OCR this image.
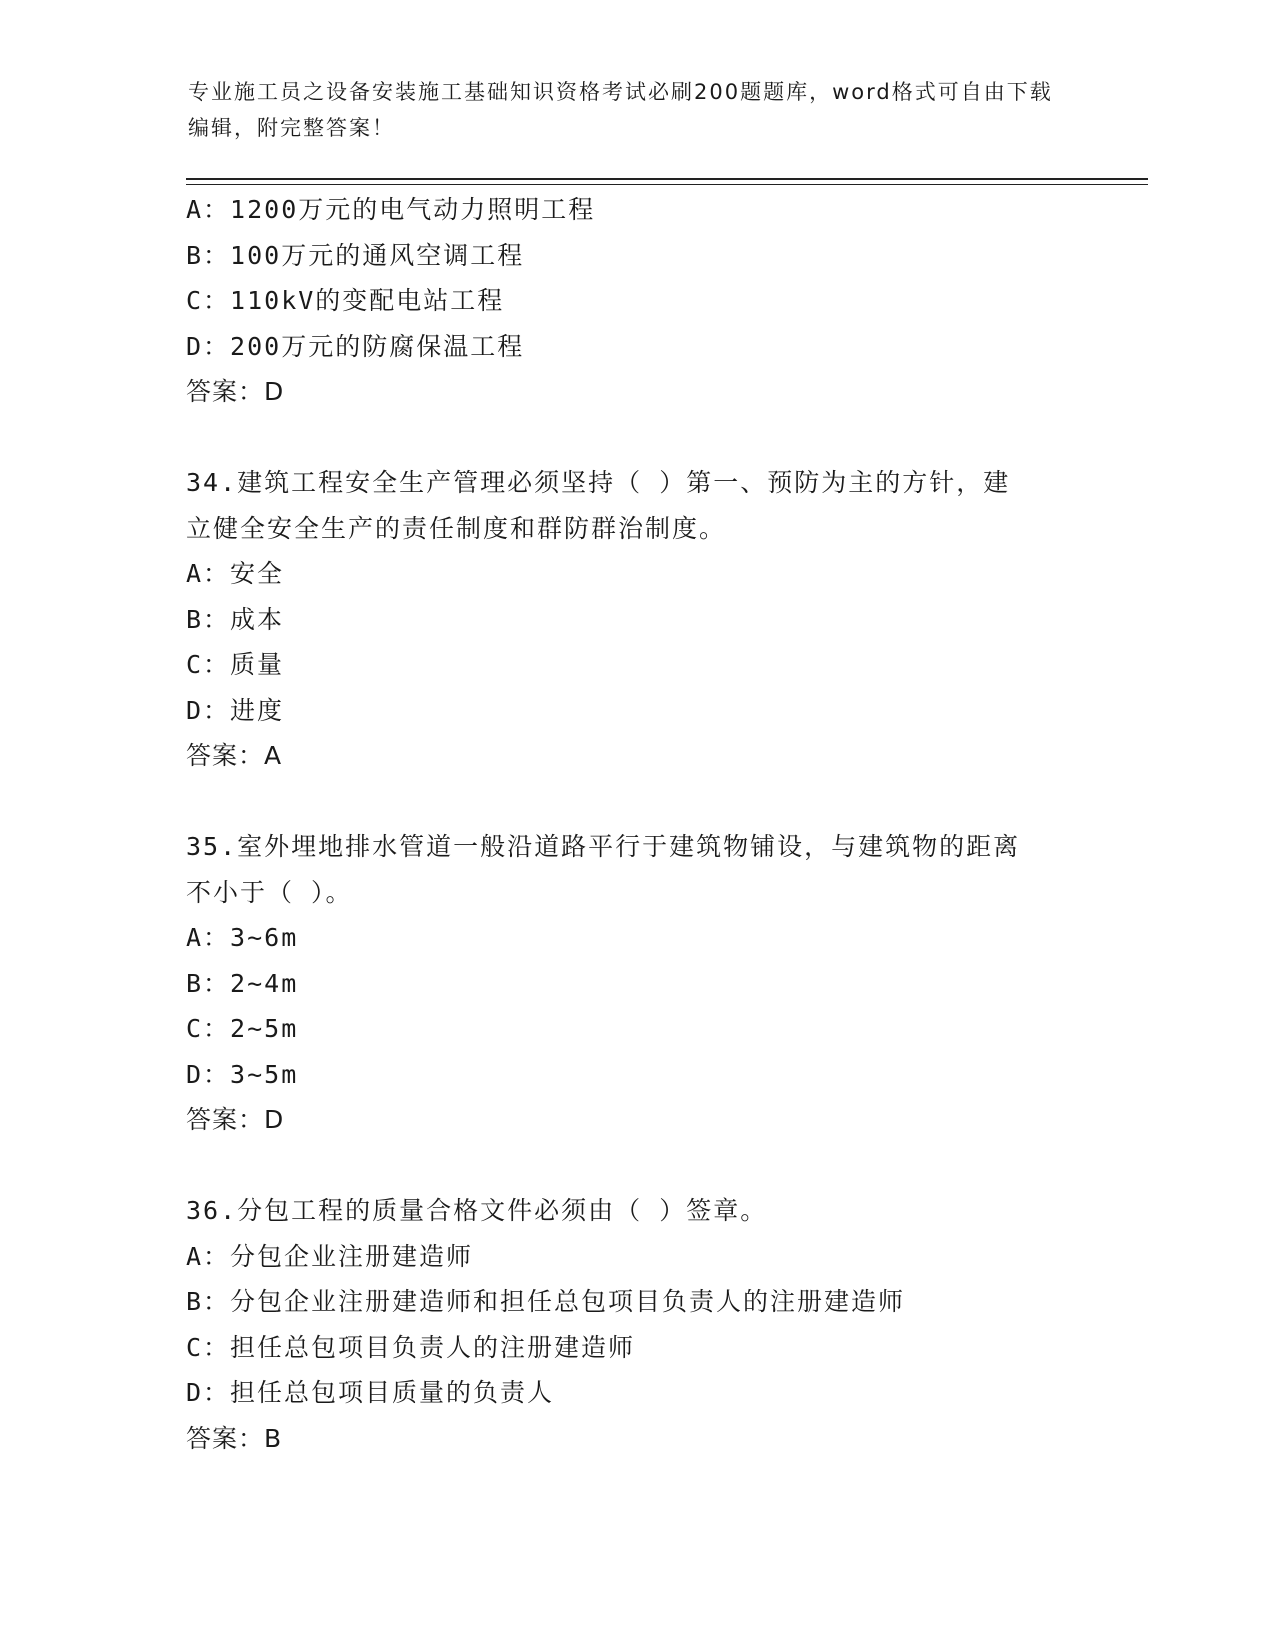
专业施工员之设备安装施工基础知识资格考试必刷200题题库，word格式可自由下载编辑，附完整答案！
A：1200万元的电气动力照明工程
B：100万元的通风空调工程
C：110kV的变配电站工程
D：200万元的防腐保温工程
答案：D
34.建筑工程安全生产管理必须坚持（ ）第一、预防为主的方针，建
立健全安全生产的责任制度和群防群治制度。
A：安全
B：成本
C：质量
D：进度
答案：A
35.室外埋地排水管道一般沿道路平行于建筑物铺设，与建筑物的距离
不小于（ ）。
A：3~6m
B：2~4m
C：2~5m
D：3~5m
答案：D
36.分包工程的质量合格文件必须由（ ）签章。
A：分包企业注册建造师
B：分包企业注册建造师和担任总包项目负责人的注册建造师
C：担任总包项目负责人的注册建造师
D：担任总包项目质量的负责人
答案：B
